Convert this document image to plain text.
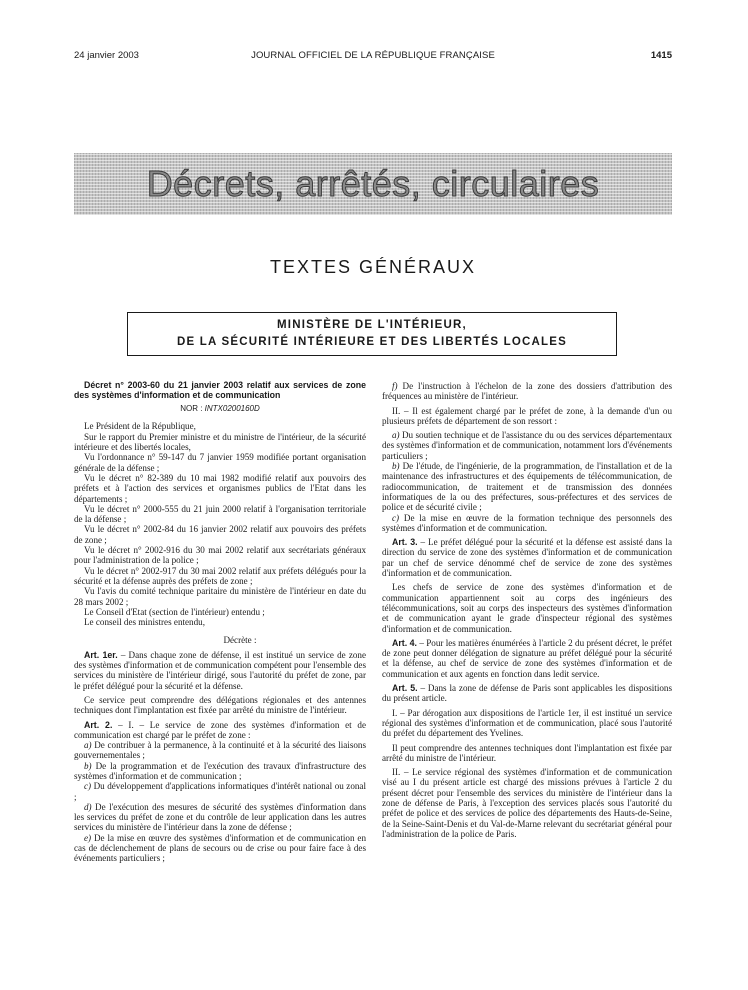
24 janvier 2003	JOURNAL OFFICIEL DE LA RÉPUBLIQUE FRANÇAISE	1415
Décrets, arrêtés, circulaires
TEXTES GÉNÉRAUX
MINISTÈRE DE L'INTÉRIEUR,
DE LA SÉCURITÉ INTÉRIEURE ET DES LIBERTÉS LOCALES

Décret n° 2003-60 du 21 janvier 2003 relatif aux services de zone des systèmes d'information et de communication

NOR : INTX0200160D

Le Président de la République,

Sur le rapport du Premier ministre et du ministre de l'intérieur, de la sécurité intérieure et des libertés locales,

Vu l'ordonnance n° 59-147 du 7 janvier 1959 modifiée portant organisation générale de la défense ;

Vu le décret n° 82-389 du 10 mai 1982 modifié relatif aux pouvoirs des préfets et à l'action des services et organismes publics de l'Etat dans les départements ;

Vu le décret n° 2000-555 du 21 juin 2000 relatif à l'organisation territoriale de la défense ;

Vu le décret n° 2002-84 du 16 janvier 2002 relatif aux pouvoirs des préfets de zone ;

Vu le décret n° 2002-916 du 30 mai 2002 relatif aux secrétariats généraux pour l'administration de la police ;

Vu le décret n° 2002-917 du 30 mai 2002 relatif aux préfets délégués pour la sécurité et la défense auprès des préfets de zone ;

Vu l'avis du comité technique paritaire du ministère de l'intérieur en date du 28 mars 2002 ;

Le Conseil d'Etat (section de l'intérieur) entendu ;

Le conseil des ministres entendu,

Décrète :

Art. 1er. – Dans chaque zone de défense, il est institué un service de zone des systèmes d'information et de communication compétent pour l'ensemble des services du ministère de l'intérieur dirigé, sous l'autorité du préfet de zone, par le préfet délégué pour la sécurité et la défense.

Ce service peut comprendre des délégations régionales et des antennes techniques dont l'implantation est fixée par arrêté du ministre de l'intérieur.

Art. 2. – I. – Le service de zone des systèmes d'information et de communication est chargé par le préfet de zone :

a) De contribuer à la permanence, à la continuité et à la sécurité des liaisons gouvernementales ;

b) De la programmation et de l'exécution des travaux d'infrastructure des systèmes d'information et de communication ;

c) Du développement d'applications informatiques d'intérêt national ou zonal ;

d) De l'exécution des mesures de sécurité des systèmes d'information dans les services du préfet de zone et du contrôle de leur application dans les autres services du ministère de l'intérieur dans la zone de défense ;

e) De la mise en œuvre des systèmes d'information et de communication en cas de déclenchement de plans de secours ou de crise ou pour faire face à des événements particuliers ;

f) De l'instruction à l'échelon de la zone des dossiers d'attribution des fréquences au ministère de l'intérieur.

II. – Il est également chargé par le préfet de zone, à la demande d'un ou plusieurs préfets de département de son ressort :

a) Du soutien technique et de l'assistance du ou des services départementaux des systèmes d'information et de communication, notamment lors d'événements particuliers ;

b) De l'étude, de l'ingénierie, de la programmation, de l'installation et de la maintenance des infrastructures et des équipements de télécommunication, de radiocommunication, de traitement et de transmission des données informatiques de la ou des préfectures, sous-préfectures et des services de police et de sécurité civile ;

c) De la mise en œuvre de la formation technique des personnels des systèmes d'information et de communication.

Art. 3. – Le préfet délégué pour la sécurité et la défense est assisté dans la direction du service de zone des systèmes d'information et de communication par un chef de service dénommé chef de service de zone des systèmes d'information et de communication.

Les chefs de service de zone des systèmes d'information et de communication appartiennent soit au corps des ingénieurs des télécommunications, soit au corps des inspecteurs des systèmes d'information et de communication ayant le grade d'inspecteur régional des systèmes d'information et de communication.

Art. 4. – Pour les matières énumérées à l'article 2 du présent décret, le préfet de zone peut donner délégation de signature au préfet délégué pour la sécurité et la défense, au chef de service de zone des systèmes d'information et de communication et aux agents en fonction dans ledit service.

Art. 5. – Dans la zone de défense de Paris sont applicables les dispositions du présent article.

I. – Par dérogation aux dispositions de l'article 1er, il est institué un service régional des systèmes d'information et de communication, placé sous l'autorité du préfet du département des Yvelines.

Il peut comprendre des antennes techniques dont l'implantation est fixée par arrêté du ministre de l'intérieur.

II. – Le service régional des systèmes d'information et de communication visé au I du présent article est chargé des missions prévues à l'article 2 du présent décret pour l'ensemble des services du ministère de l'intérieur dans la zone de défense de Paris, à l'exception des services placés sous l'autorité du préfet de police et des services de police des départements des Hauts-de-Seine, de la Seine-Saint-Denis et du Val-de-Marne relevant du secrétariat général pour l'administration de la police de Paris.
